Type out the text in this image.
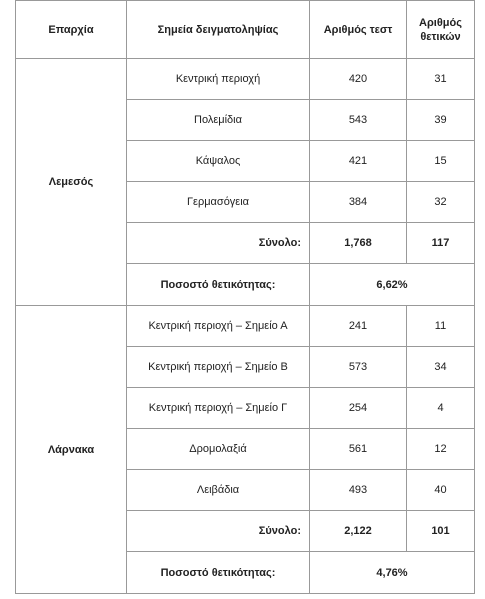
Επαρχία	Σημεία δειγματοληψίας	Αριθμός τεστ	Αριθμός
θετικών
Λεμεσός	Κεντρική περιοχή	420	31
	Πολεμίδια	543	39
	Κάψαλος	421	15
	Γερμασόγεια	384	32
	Σύνολο:	1,768	117
	Ποσοστό θετικότητας:	6,62%	
Λάρνακα	Κεντρική περιοχή – Σημείο Α	241	11
	Κεντρική περιοχή – Σημείο Β	573	34
	Κεντρική περιοχή – Σημείο Γ	254	4
	Δρομολαξιά	561	12
	Λειβάδια	493	40
	Σύνολο:	2,122	101
	Ποσοστό θετικότητας:	4,76%	
